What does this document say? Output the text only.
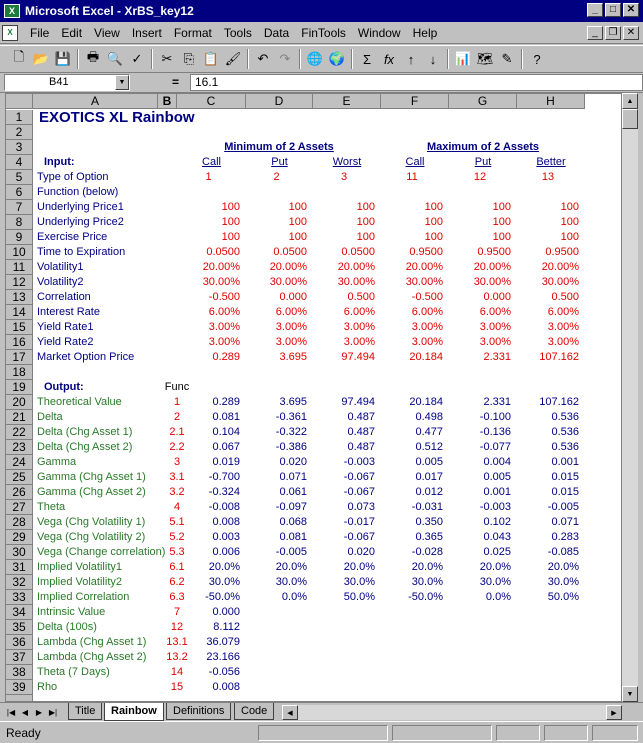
X Microsoft Excel - XrBS_key12	_	□	✕
X	File	Edit	View	Insert	Format	Tools	Data	FinTools	Window	Help	_	❐ ✕
🗋 📂 💾	🖶 🔍 ✓	✂ ⎘ 📋 🖌	↶ ↷	🌐 🌍	Σ fx	↑	↓	📊 🗺 ✎	?
B41	▼	=	16.1
A	B	C	D	E	F	G	H
1
2
3
4
5
6
7
8
9
10
11
12
13
14
15
16
17
18
19
20
21
22
23
24
25
26
27
28
29
30
31
32
33
34
35
36
37
38
39
EXOTICS XL Rainbow
Minimum of 2 Assets	Maximum of 2 Assets
Input:	Call	Put	Worst	Call	Put	Better
Type of Option	1	2	3	11	12	13
Function (below)
Underlying Price1	100	100	100	100	100	100
Underlying Price2	100	100	100	100	100	100
Exercise Price	100	100	100	100	100	100
Time to Expiration	0.0500	0.0500	0.0500	0.9500	0.9500	0.9500
Volatility1	20.00%	20.00%	20.00%	20.00%	20.00%	20.00%
Volatility2	30.00%	30.00%	30.00%	30.00%	30.00%	30.00%
Correlation	-0.500	0.000	0.500	-0.500	0.000	0.500
Interest Rate	6.00%	6.00%	6.00%	6.00%	6.00%	6.00%
Yield Rate1	3.00%	3.00%	3.00%	3.00%	3.00%	3.00%
Yield Rate2	3.00%	3.00%	3.00%	3.00%	3.00%	3.00%
Market Option Price	0.289	3.695	97.494	20.184	2.331	107.162
Output:	Func
Theoretical Value	1	0.289	3.695	97.494	20.184	2.331	107.162
Delta	2	0.081	-0.361	0.487	0.498	-0.100	0.536
Delta (Chg Asset 1)	2.1	0.104	-0.322	0.487	0.477	-0.136	0.536
Delta (Chg Asset 2)	2.2	0.067	-0.386	0.487	0.512	-0.077	0.536
Gamma	3	0.019	0.020	-0.003	0.005	0.004	0.001
Gamma (Chg Asset 1)	3.1	-0.700	0.071	-0.067	0.017	0.005	0.015
Gamma (Chg Asset 2)	3.2	-0.324	0.061	-0.067	0.012	0.001	0.015
Theta	4	-0.008	-0.097	0.073	-0.031	-0.003	-0.005
Vega (Chg Volatility 1)	5.1	0.008	0.068	-0.017	0.350	0.102	0.071
Vega (Chg Volatility 2)	5.2	0.003	0.081	-0.067	0.365	0.043	0.283
Vega (Change correlation) 5.3	0.006	-0.005	0.020	-0.028	0.025	-0.085
Implied Volatility1	6.1	20.0%	20.0%	20.0%	20.0%	20.0%	20.0%
Implied Volatility2	6.2	30.0%	30.0%	30.0%	30.0%	30.0%	30.0%
Implied Correlation	6.3	-50.0%	0.0%	50.0%	-50.0%	0.0%	50.0%
Intrinsic Value	7	0.000
Delta (100s)	12	8.112
Lambda (Chg Asset 1)	13.1	36.079
Lambda (Chg Asset 2)	13.2	23.166
Theta (7 Days)	14	-0.056
Rho	15	0.008
▲
▼
|◀ ◀ ▶ ▶|	Title	Rainbow	Definitions	Code	◀	▶
Ready
